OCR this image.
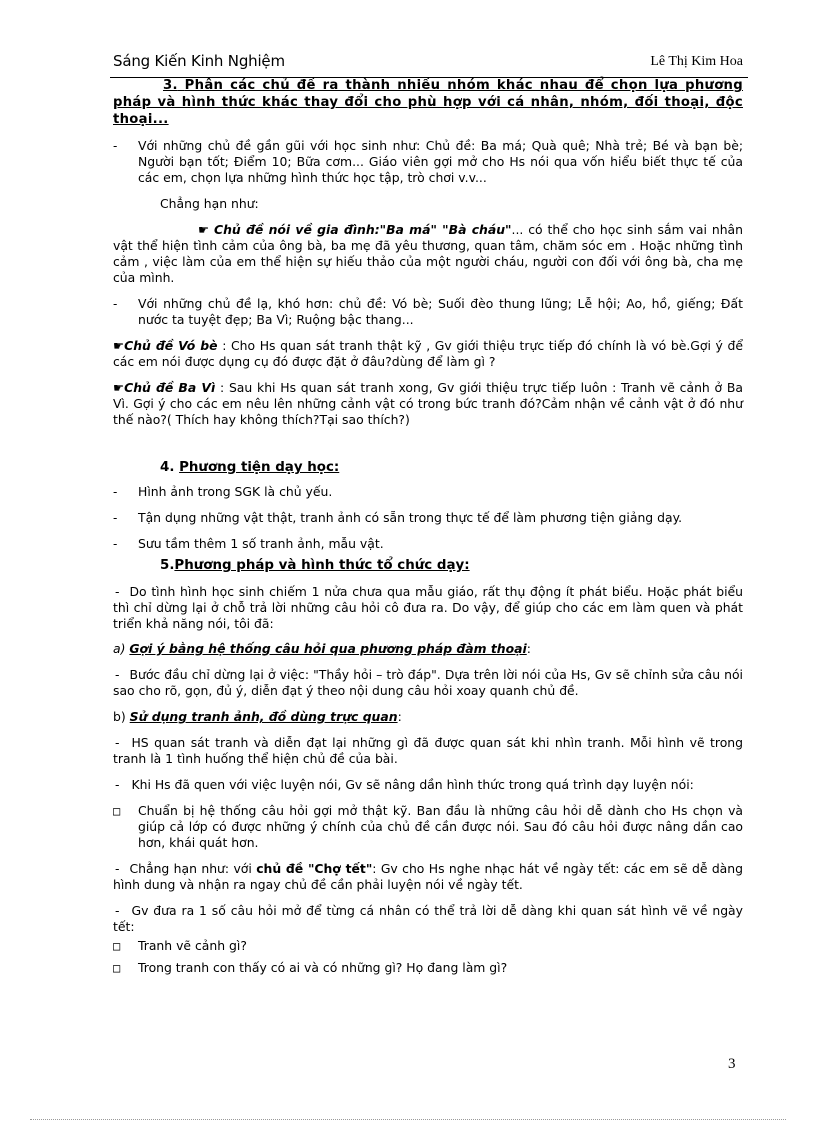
Sáng Kiến Kinh Nghiệm	Lê Thị Kim Hoa

3. Phân các chủ đề ra thành nhiều nhóm khác nhau để chọn lựa phương pháp và hình thức khác thay đổi cho phù hợp với cá nhân, nhóm, đối thoại, độc thoại...

- Với những chủ đề gần gũi với học sinh như: Chủ đề: Ba má; Quà quê; Nhà trẻ; Bé và bạn bè; Người bạn tốt; Điểm 10; Bữa cơm... Giáo viên gợi mở cho Hs nói qua vốn hiểu biết thực tế của các em, chọn lựa những hình thức học tập, trò chơi v.v...

Chẳng hạn như:

☛ Chủ đề nói về gia đình:"Ba má" "Bà cháu"... có thể cho học sinh sắm vai nhân vật thể hiện tình cảm của ông bà, ba mẹ đã yêu thương, quan tâm, chăm sóc em . Hoặc những tình cảm , việc làm của em thể hiện sự hiếu thảo của một người cháu, người con đối với ông bà, cha mẹ của mình.

- Với những chủ đề lạ, khó hơn: chủ đề: Vó bè; Suối đèo thung lũng; Lễ hội; Ao, hồ, giếng; Đất nước ta tuyệt đẹp; Ba Vì; Ruộng bậc thang...

☛Chủ đề Vó bè : Cho Hs quan sát tranh thật kỹ , Gv giới thiệu trực tiếp đó chính là vó bè.Gợi ý để các em nói được dụng cụ đó được đặt ở đâu?dùng để làm gì ?

☛Chủ đề Ba Vì : Sau khi Hs quan sát tranh xong, Gv giới thiệu trực tiếp luôn : Tranh vẽ cảnh ở Ba Vì. Gợi ý cho các em nêu lên những cảnh vật có trong bức tranh đó?Cảm nhận về cảnh vật ở đó như thế nào?( Thích hay không thích?Tại sao thích?)

4. Phương tiện dạy học:

- Hình ảnh trong SGK là chủ yếu.
- Tận dụng những vật thật, tranh ảnh có sẵn trong thực tế để làm phương tiện giảng dạy.
- Sưu tầm thêm 1 số tranh ảnh, mẫu vật.

5.Phương pháp và hình thức tổ chức dạy:

- Do tình hình học sinh chiếm 1 nửa chưa qua mẫu giáo, rất thụ động ít phát biểu. Hoặc phát biểu thì chỉ dừng lại ở chỗ trả lời những câu hỏi cô đưa ra. Do vậy, để giúp cho các em làm quen và phát triển khả năng nói, tôi đã:

a) Gợi ý bằng hệ thống câu hỏi qua phương pháp đàm thoại:

- Bước đầu chỉ dừng lại ở việc: "Thầy hỏi – trò đáp". Dựa trên lời nói của Hs, Gv sẽ chỉnh sửa câu nói sao cho rõ, gọn, đủ ý, diễn đạt ý theo nội dung câu hỏi xoay quanh chủ đề.

b) Sử dụng tranh ảnh, đồ dùng trực quan:

- HS quan sát tranh và diễn đạt lại những gì đã được quan sát khi nhìn tranh. Mỗi hình vẽ trong tranh là 1 tình huống thể hiện chủ đề của bài.

- Khi Hs đã quen với việc luyện nói, Gv sẽ nâng dần hình thức trong quá trình dạy luyện nói:

□ Chuẩn bị hệ thống câu hỏi gợi mở thật kỹ. Ban đầu là những câu hỏi dễ dành cho Hs chọn và giúp cả lớp có được những ý chính của chủ đề cần được nói. Sau đó câu hỏi được nâng dần cao hơn, khái quát hơn.

- Chẳng hạn như: với chủ đề "Chợ tết": Gv cho Hs nghe nhạc hát về ngày tết: các em sẽ dễ dàng hình dung và nhận ra ngay chủ đề cần phải luyện nói về ngày tết.

- Gv đưa ra 1 số câu hỏi mở để từng cá nhân có thể trả lời dễ dàng khi quan sát hình vẽ về ngày tết:

□ Tranh vẽ cảnh gì?
□ Trong tranh con thấy có ai và có những gì? Họ đang làm gì?
3
